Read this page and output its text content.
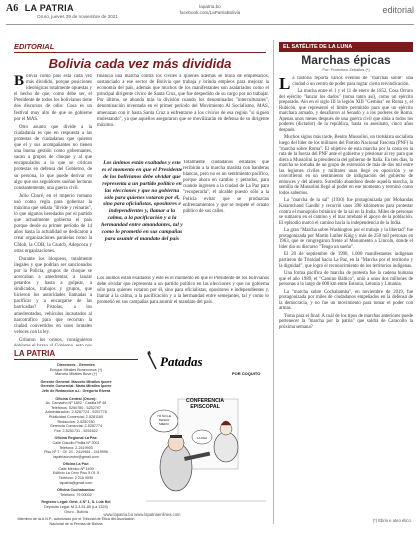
A6 LA PATRIA
Oruro, jueves 29 de noviembre de 2021
lapatria.bo
facebook.com/LaPatriaBolivia	editorial
EDITORIAL
Bolivia cada vez más dividida

Bolivia como país está cada vez más dividido, porque posiciones ideológicas totalmente opuestas y el hecho de que, como debe ser, el Presidente de todos los bolivianos tiene dos discursos de odio: Cosa es un festival muy alto de que se gobierne por el MAS.

Otro asunto que divide a la ciudadanía es que en respuesta a las protestas de ciudadanos que quieren que el y sus acompañantes no tienen una buena gestión como gobernantes, sacan a grupos de choque y al que encapsulados a lo que se critican protestas en defensa del Gobierno, de su persona, lo que puede derivar en algo que sus seguidores sueñan lecturas constantemente, una guerra civil.

Julio Choré, en el imperio romano usó como regla para gobernar la máxima que señala "divide y reinarás", lo que algunos heredados por el partido que actualmente gobierna el país porque desde su primer período de 14 años hasta la actualidad se dedicaron a crear organizaciones paralelas como la CIdob, la COB, la Csutcb, Adepcoca y otras organizaciones.

Durante los bloqueos, totalmente ilegales y que podrían ser sancionados por la Policía, grupos de choque se acercaban a amedrentar, a lanzar petardos y hasta a golpear, a sindicados, trabajos y grupos, que hicieron los autoridades llamadas a pacificar y a encargarse de las barricadas? Pistolas, a los amedrentados, vehículos incautados al narcotráfico para que recorran la ciudad convertidos en unos brutales veloces con la ley.

Gritaron los orinos, consiguieron

financia una marcha contra los civiles a quienes además se titula de empresarios, sustanciado a ese sector de Bolivia que trabaja y brinda empleos para mejorar la economía del país, además que muchos de los manifestantes son asalariados como el principal dirigente cívico de Santa Cruz, que fue despedido de su cargo por no trabajar. Por último, se ahonda más la división cuando los denominados "interculturales", denominación inventada en el primer período del Movimiento Al Socialismo, MAS, amenazan con ir hasta Santa Cruz a enfrentarse a los cívicos de esa región "si siguen molestando", ya que aquellos aseguraron que se movilizarán en defensa de su dirigente máximo.

Los únimos están exaltados y este es el momento en que el Presidente de los bolivianos debe olvidar que representa a un partido político en las elecciones y que no gobierna sólo para quienes votaron por él, sino para oficialistas, opositores e independientes y, llamar a la calma, a la pacificación y a la hermandad entre amandantes, tal y como lo prometió en sus campañas para asumir el mandato del país

Totalmente ciudadanos estatales que recibirán a la marcha masista con banderas blancas, pero no es un sentimiento pacífico, porque ahora en cambio y petardos, para cuando ingresen a la ciudad de La Paz para "recuperarla", el alcalde puesto sólo a la Policía evitar que se produzcan enfrentamientos y que se respete el ornato público de sus calles.

Los ánimos están exaltados y este es el momento en que el Presidente de los bolivianos debe olvidar que representa a un partido político en las elecciones y que no gobierna sólo para quienes votaron por él, sino para oficialistas, opositores e independientes y, llamar a la calma, a la pacificación y a la hermandad entre semejantes, tal y como lo prometió en sus campañas para asumir el mandato del país.

EL SATÉLITE DE LA LUNA
Marchas épicas
Por: Francisco Zeballos (*)

La historia reporta varios eventos de "marchas sobre" una ciudad o un centro de poder para lograr cierta reivindicación.

La mucha entre el 1 y el 11 de enero de 1852, Cosa Orruro del ejército "lanzar los dados" (toma tanto así), como un ejército preparado. Aín en el siglo III la legión XIII "Gemina" en Roma y, el Rubicón, que representó el límite permitido para que un ejército marchara armado, y desafiaron al Senado y a los poderes de Roma. Apenas unos meses después de una guerra civil que sitúa a todos los poderes (dictador) de la república, hasta su asesinato, cinco años después.

Muchos siglos más tarde, Benito Mussolini, un trotskista socialista luego del líder de los militares del Partido Nacional Fascista (PNF) la "marcha sobre Roma". El objetivo de esta marcha por la costa en la ruta de la fuerza del PNF ante el gobierno y presionar al rey para que diera a Mussolini la presidencia del gobierno de Italia. En tres días, la marcha se tornaba de un grupo de extensión de más de dos mil entre las legiones civiles y militares unas llegó en oposición y se convirtieron en un sentimiento de indignación del gobierno de entonces y del aliento. Sucedido abandono desde aquella marcha, la semilla de Mussolini llegó al poder en ese momento y terminó como todos sabemos.

La "marcha de la sal" (1930) fue protagonizada por Mohandas Karamchand Gandhi y recorrió unos 390 kilómetros para protestar contra el monopolio británico de la sal en la India. Miles de personas se sumaron en el camino y el mar arrebató el apoyo de la población. El episodio marcó el camino hacia la independencia de la India.

La gran "Marcha sobre Washington por el trabajo y la libertad" fue protagonizada por Martin Luther King y más de 250 mil personas en 1963, que se congregaron frente al Monumento a Lincoln, donde el líder dio su discurso "Tengo un sueño".

El 20 de septiembre de 1990, 1.000 manifestantes indígenas partieron de Trinidad hacia La Paz, en la "Marcha por el territorio y la dignidad", que logró el reconocimiento de los territorios indígenas.

Una forma pacífica de marcha de protesta fue la cadena humana que el año 1989, el "Camino Báltico", unió a unos dos millones de personas a lo largo de 600 km entre Estonia, Letonia y Lituania.

La "marcha sobre Cochabamba", en noviembre de 2019, fue protagonizada por miles de ciudadanos empeñados en la defensa de la democracia, y no fue un movimiento para tomar el poder con armas.

Toma para el final: A cuál de los tipos de marchas anteriores puede pertenecer la "marcha por la patria" que saldrá de Caracollo la próxima semana?

(*) Ebrio e ateo ético.
LA PATRIA
Directores - Gerentes
Enrique Miralles Bonecorsos (†)
Marcelo Miralles Bové (†)
Gerente General: Marcelo Miralles Iporre
Gerente Comercial: Maria Miralles Iporre
Jefe de Redacción a.i.: Gregorio Rivera
Oficina Central (Oruro):
Av. Camacho Nº 1892 · Casilla Nº 48
Teléfonos: 5250780 - 5252797
Administración: 2-5287724 - 5257778
Publicidad Comercial: 2-5281160
Redacción: 2-5250780
Gerencia Comercial: 2-5287774
Fax: 2-5251731 - 5251622
Oficina Regional La Paz:
Calle Claudio Pinilla Nº 2001
Teléfono: 2-2419900
Piso Nº 7 · Of. 23 - 2419964 - 2419996
lapatriaorurobo@gmail.com
Oficina La Paz:
Calle México Nº 1400
Edificio La Cero Piso 5 Of. 5
Teléfono: 2 218 9090
lapatria@gmail.com
Oficina Cochabamba:
Teléfono: 79 00002
Registro Legal: Gest. 4 Nº 1, S. Luis Bel
Depósito Legal: M 3-3-51-85 (La 1325)
Oruro - Bolivia
Miembro de la A.N.P., autorizado por el Tribunal de Ética del Asociación Nacional de la Prensa de Bolivia
www.lapatria.bo www.lapatriaenlinea.com
Patadas
POR COQUITO
YO NO LE
TENGO
MIEDO
LA PAZ
CONFERENCIA EPISCOPAL
